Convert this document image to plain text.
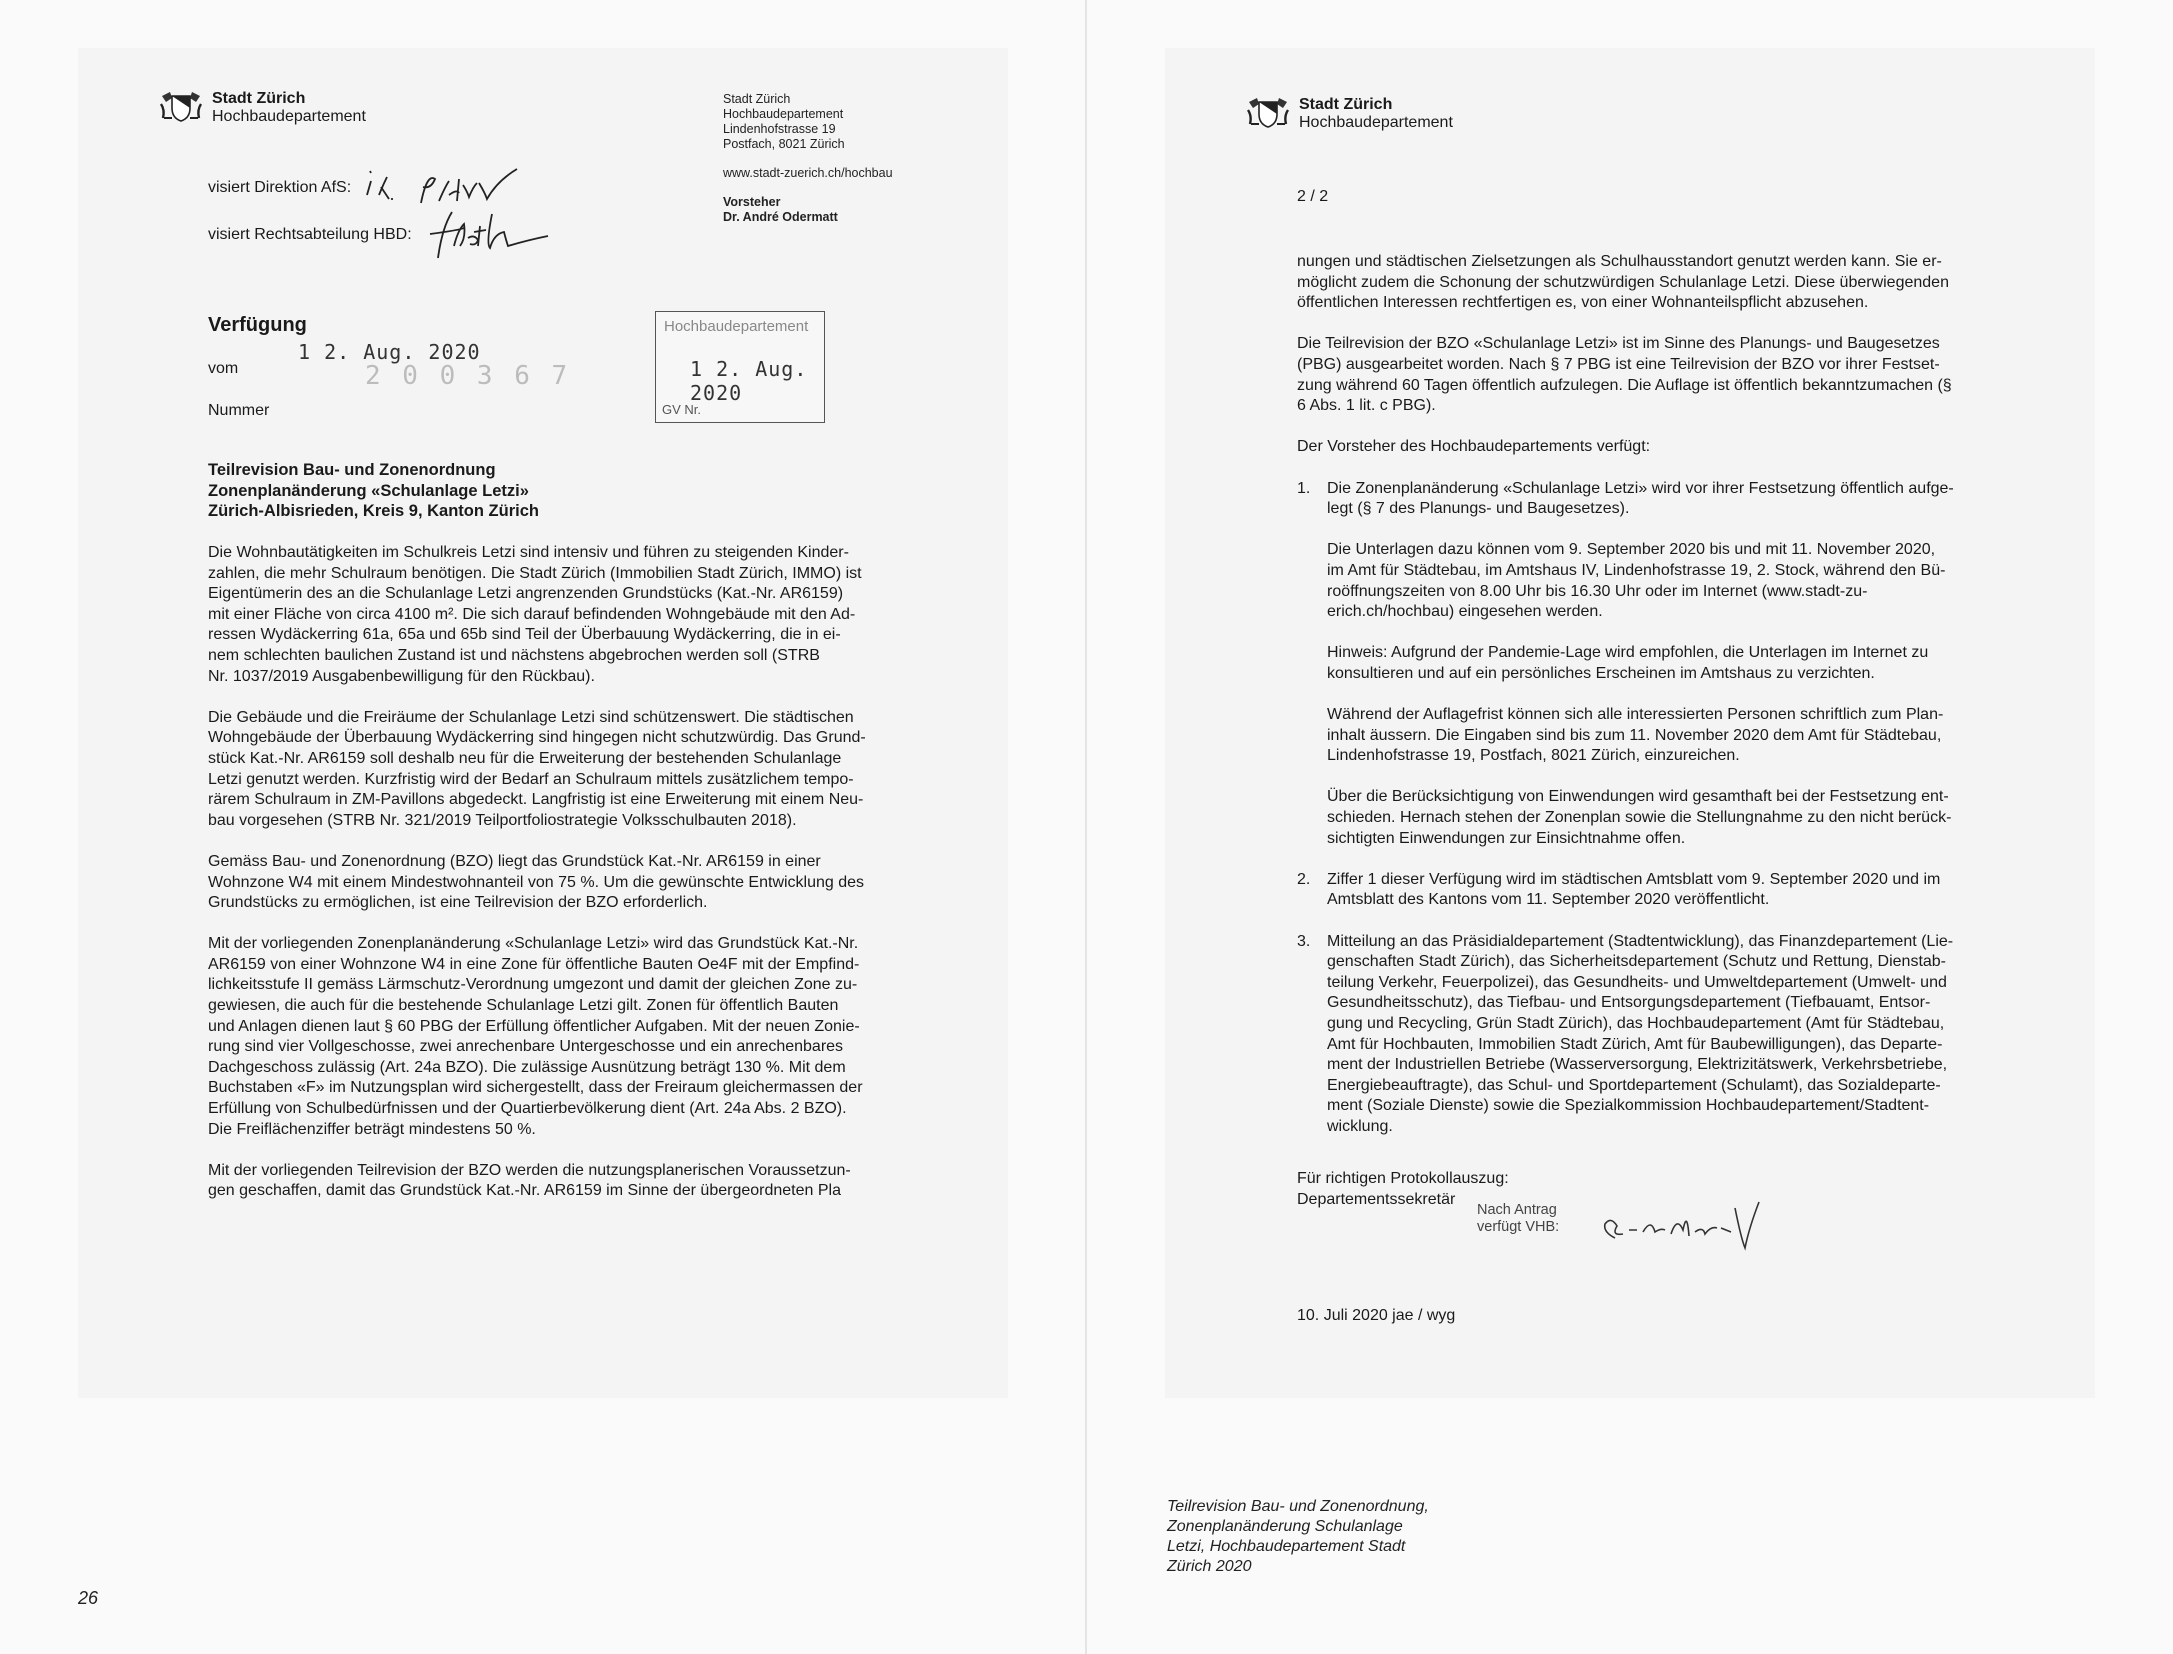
Stadt Zürich
Hochbaudepartement
Stadt Zürich
Hochbaudepartement
Lindenhofstrasse 19
Postfach, 8021 Zürich
www.stadt-zuerich.ch/hochbau
Vorsteher
Dr. André Odermatt
visiert Direktion AfS:
visiert Rechtsabteilung HBD:
Verfügung
1 2. Aug. 2020
vom	2 0 0 3 6 7
Nummer
Hochbaudepartement
1 2. Aug. 2020
GV Nr.
Teilrevision Bau- und Zonenordnung
Zonenplanänderung «Schulanlage Letzi»
Zürich-Albisrieden, Kreis 9, Kanton Zürich

Die Wohnbautätigkeiten im Schulkreis Letzi sind intensiv und führen zu steigenden Kinder-
zahlen, die mehr Schulraum benötigen. Die Stadt Zürich (Immobilien Stadt Zürich, IMMO) ist
Eigentümerin des an die Schulanlage Letzi angrenzenden Grundstücks (Kat.-Nr. AR6159)
mit einer Fläche von circa 4100 m². Die sich darauf befindenden Wohngebäude mit den Ad-
ressen Wydäckerring 61a, 65a und 65b sind Teil der Überbauung Wydäckerring, die in ei-
nem schlechten baulichen Zustand ist und nächstens abgebrochen werden soll (STRB
Nr. 1037/2019 Ausgabenbewilligung für den Rückbau).

Die Gebäude und die Freiräume der Schulanlage Letzi sind schützenswert. Die städtischen
Wohngebäude der Überbauung Wydäckerring sind hingegen nicht schutzwürdig. Das Grund-
stück Kat.-Nr. AR6159 soll deshalb neu für die Erweiterung der bestehenden Schulanlage
Letzi genutzt werden. Kurzfristig wird der Bedarf an Schulraum mittels zusätzlichem tempo-
rärem Schulraum in ZM-Pavillons abgedeckt. Langfristig ist eine Erweiterung mit einem Neu-
bau vorgesehen (STRB Nr. 321/2019 Teilportfoliostrategie Volksschulbauten 2018).

Gemäss Bau- und Zonenordnung (BZO) liegt das Grundstück Kat.-Nr. AR6159 in einer
Wohnzone W4 mit einem Mindestwohnanteil von 75 %. Um die gewünschte Entwicklung des
Grundstücks zu ermöglichen, ist eine Teilrevision der BZO erforderlich.

Mit der vorliegenden Zonenplanänderung «Schulanlage Letzi» wird das Grundstück Kat.-Nr.
AR6159 von einer Wohnzone W4 in eine Zone für öffentliche Bauten Oe4F mit der Empfind-
lichkeitsstufe II gemäss Lärmschutz-Verordnung umgezont und damit der gleichen Zone zu-
gewiesen, die auch für die bestehende Schulanlage Letzi gilt. Zonen für öffentlich Bauten
und Anlagen dienen laut § 60 PBG der Erfüllung öffentlicher Aufgaben. Mit der neuen Zonie-
rung sind vier Vollgeschosse, zwei anrechenbare Untergeschosse und ein anrechenbares
Dachgeschoss zulässig (Art. 24a BZO). Die zulässige Ausnützung beträgt 130 %. Mit dem
Buchstaben «F» im Nutzungsplan wird sichergestellt, dass der Freiraum gleichermassen der
Erfüllung von Schulbedürfnissen und der Quartierbevölkerung dient (Art. 24a Abs. 2 BZO).
Die Freiflächenziffer beträgt mindestens 50 %.

Mit der vorliegenden Teilrevision der BZO werden die nutzungsplanerischen Voraussetzun-
gen geschaffen, damit das Grundstück Kat.-Nr. AR6159 im Sinne der übergeordneten Pla

26
Stadt Zürich
Hochbaudepartement
2 / 2

nungen und städtischen Zielsetzungen als Schulhausstandort genutzt werden kann. Sie er-
möglicht zudem die Schonung der schutzwürdigen Schulanlage Letzi. Diese überwiegenden
öffentlichen Interessen rechtfertigen es, von einer Wohnanteilspflicht abzusehen.

Die Teilrevision der BZO «Schulanlage Letzi» ist im Sinne des Planungs- und Baugesetzes
(PBG) ausgearbeitet worden. Nach § 7 PBG ist eine Teilrevision der BZO vor ihrer Festset-
zung während 60 Tagen öffentlich aufzulegen. Die Auflage ist öffentlich bekanntzumachen (§
6 Abs. 1 lit. c PBG).

Der Vorsteher des Hochbaudepartements verfügt:

1.	Die Zonenplanänderung «Schulanlage Letzi» wird vor ihrer Festsetzung öffentlich aufge-
legt (§ 7 des Planungs- und Baugesetzes).

Die Unterlagen dazu können vom 9. September 2020 bis und mit 11. November 2020,
im Amt für Städtebau, im Amtshaus IV, Lindenhofstrasse 19, 2. Stock, während den Bü-
roöffnungszeiten von 8.00 Uhr bis 16.30 Uhr oder im Internet (www.stadt-zu-
erich.ch/hochbau) eingesehen werden.

Hinweis: Aufgrund der Pandemie-Lage wird empfohlen, die Unterlagen im Internet zu
konsultieren und auf ein persönliches Erscheinen im Amtshaus zu verzichten.

Während der Auflagefrist können sich alle interessierten Personen schriftlich zum Plan-
inhalt äussern. Die Eingaben sind bis zum 11. November 2020 dem Amt für Städtebau,
Lindenhofstrasse 19, Postfach, 8021 Zürich, einzureichen.

Über die Berücksichtigung von Einwendungen wird gesamthaft bei der Festsetzung ent-
schieden. Hernach stehen der Zonenplan sowie die Stellungnahme zu den nicht berück-
sichtigten Einwendungen zur Einsichtnahme offen.

2.	Ziffer 1 dieser Verfügung wird im städtischen Amtsblatt vom 9. September 2020 und im
Amtsblatt des Kantons vom 11. September 2020 veröffentlicht.

3.	Mitteilung an das Präsidialdepartement (Stadtentwicklung), das Finanzdepartement (Lie-
genschaften Stadt Zürich), das Sicherheitsdepartement (Schutz und Rettung, Dienstab-
teilung Verkehr, Feuerpolizei), das Gesundheits- und Umweltdepartement (Umwelt- und
Gesundheitsschutz), das Tiefbau- und Entsorgungsdepartement (Tiefbauamt, Entsor-
gung und Recycling, Grün Stadt Zürich), das Hochbaudepartement (Amt für Städtebau,
Amt für Hochbauten, Immobilien Stadt Zürich, Amt für Baubewilligungen), das Departe-
ment der Industriellen Betriebe (Wasserversorgung, Elektrizitätswerk, Verkehrsbetriebe,
Energiebeauftragte), das Schul- und Sportdepartement (Schulamt), das Sozialdeparte-
ment (Soziale Dienste) sowie die Spezialkommission Hochbaudepartement/Stadtent-
wicklung.

Für richtigen Protokollauszug:
Departementssekretär
Nach Antrag
verfügt VHB:
10. Juli 2020 jae / wyg
Teilrevision Bau- und Zonenordnung,
Zonenplanänderung Schulanlage
Letzi, Hochbaudepartement Stadt
Zürich 2020
